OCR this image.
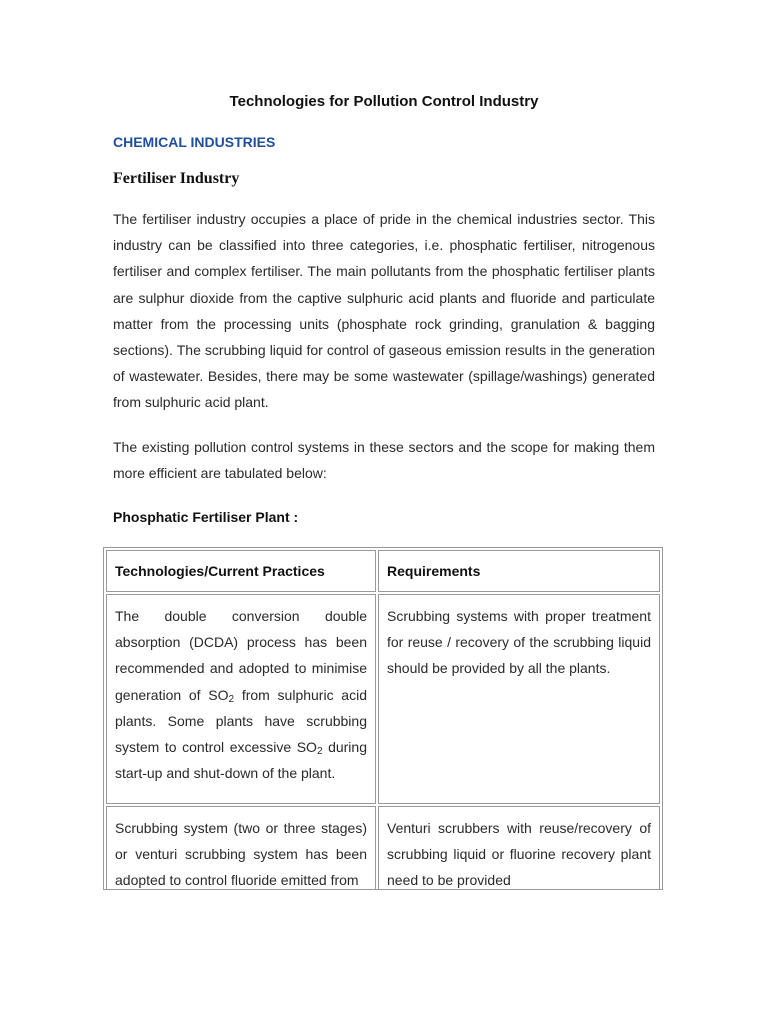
Technologies for Pollution Control Industry
CHEMICAL INDUSTRIES
Fertiliser Industry

The fertiliser industry occupies a place of pride in the chemical industries sector. This industry can be classified into three categories, i.e. phosphatic fertiliser, nitrogenous fertiliser and complex fertiliser. The main pollutants from the phosphatic fertiliser plants are sulphur dioxide from the captive sulphuric acid plants and fluoride and particulate matter from the processing units (phosphate rock grinding, granulation & bagging sections). The scrubbing liquid for control of gaseous emission results in the generation of wastewater. Besides, there may be some wastewater (spillage/washings) generated from sulphuric acid plant.

The existing pollution control systems in these sectors and the scope for making them more efficient are tabulated below:

Phosphatic Fertiliser Plant :
Technologies/Current Practices	Requirements
The double conversion double absorption (DCDA) process has been recommended and adopted to minimise generation of $SO_2$ from sulphuric acid plants. Some plants have scrubbing system to control excessive $SO_2$ during start-up and shut-down of the plant.	Scrubbing systems with proper treatment for reuse / recovery of the scrubbing liquid should be provided by all the plants.
Scrubbing system (two or three stages) or venturi scrubbing system has been adopted to control fluoride emitted from	Venturi scrubbers with reuse/recovery of scrubbing liquid or fluorine recovery plant need to be provided
